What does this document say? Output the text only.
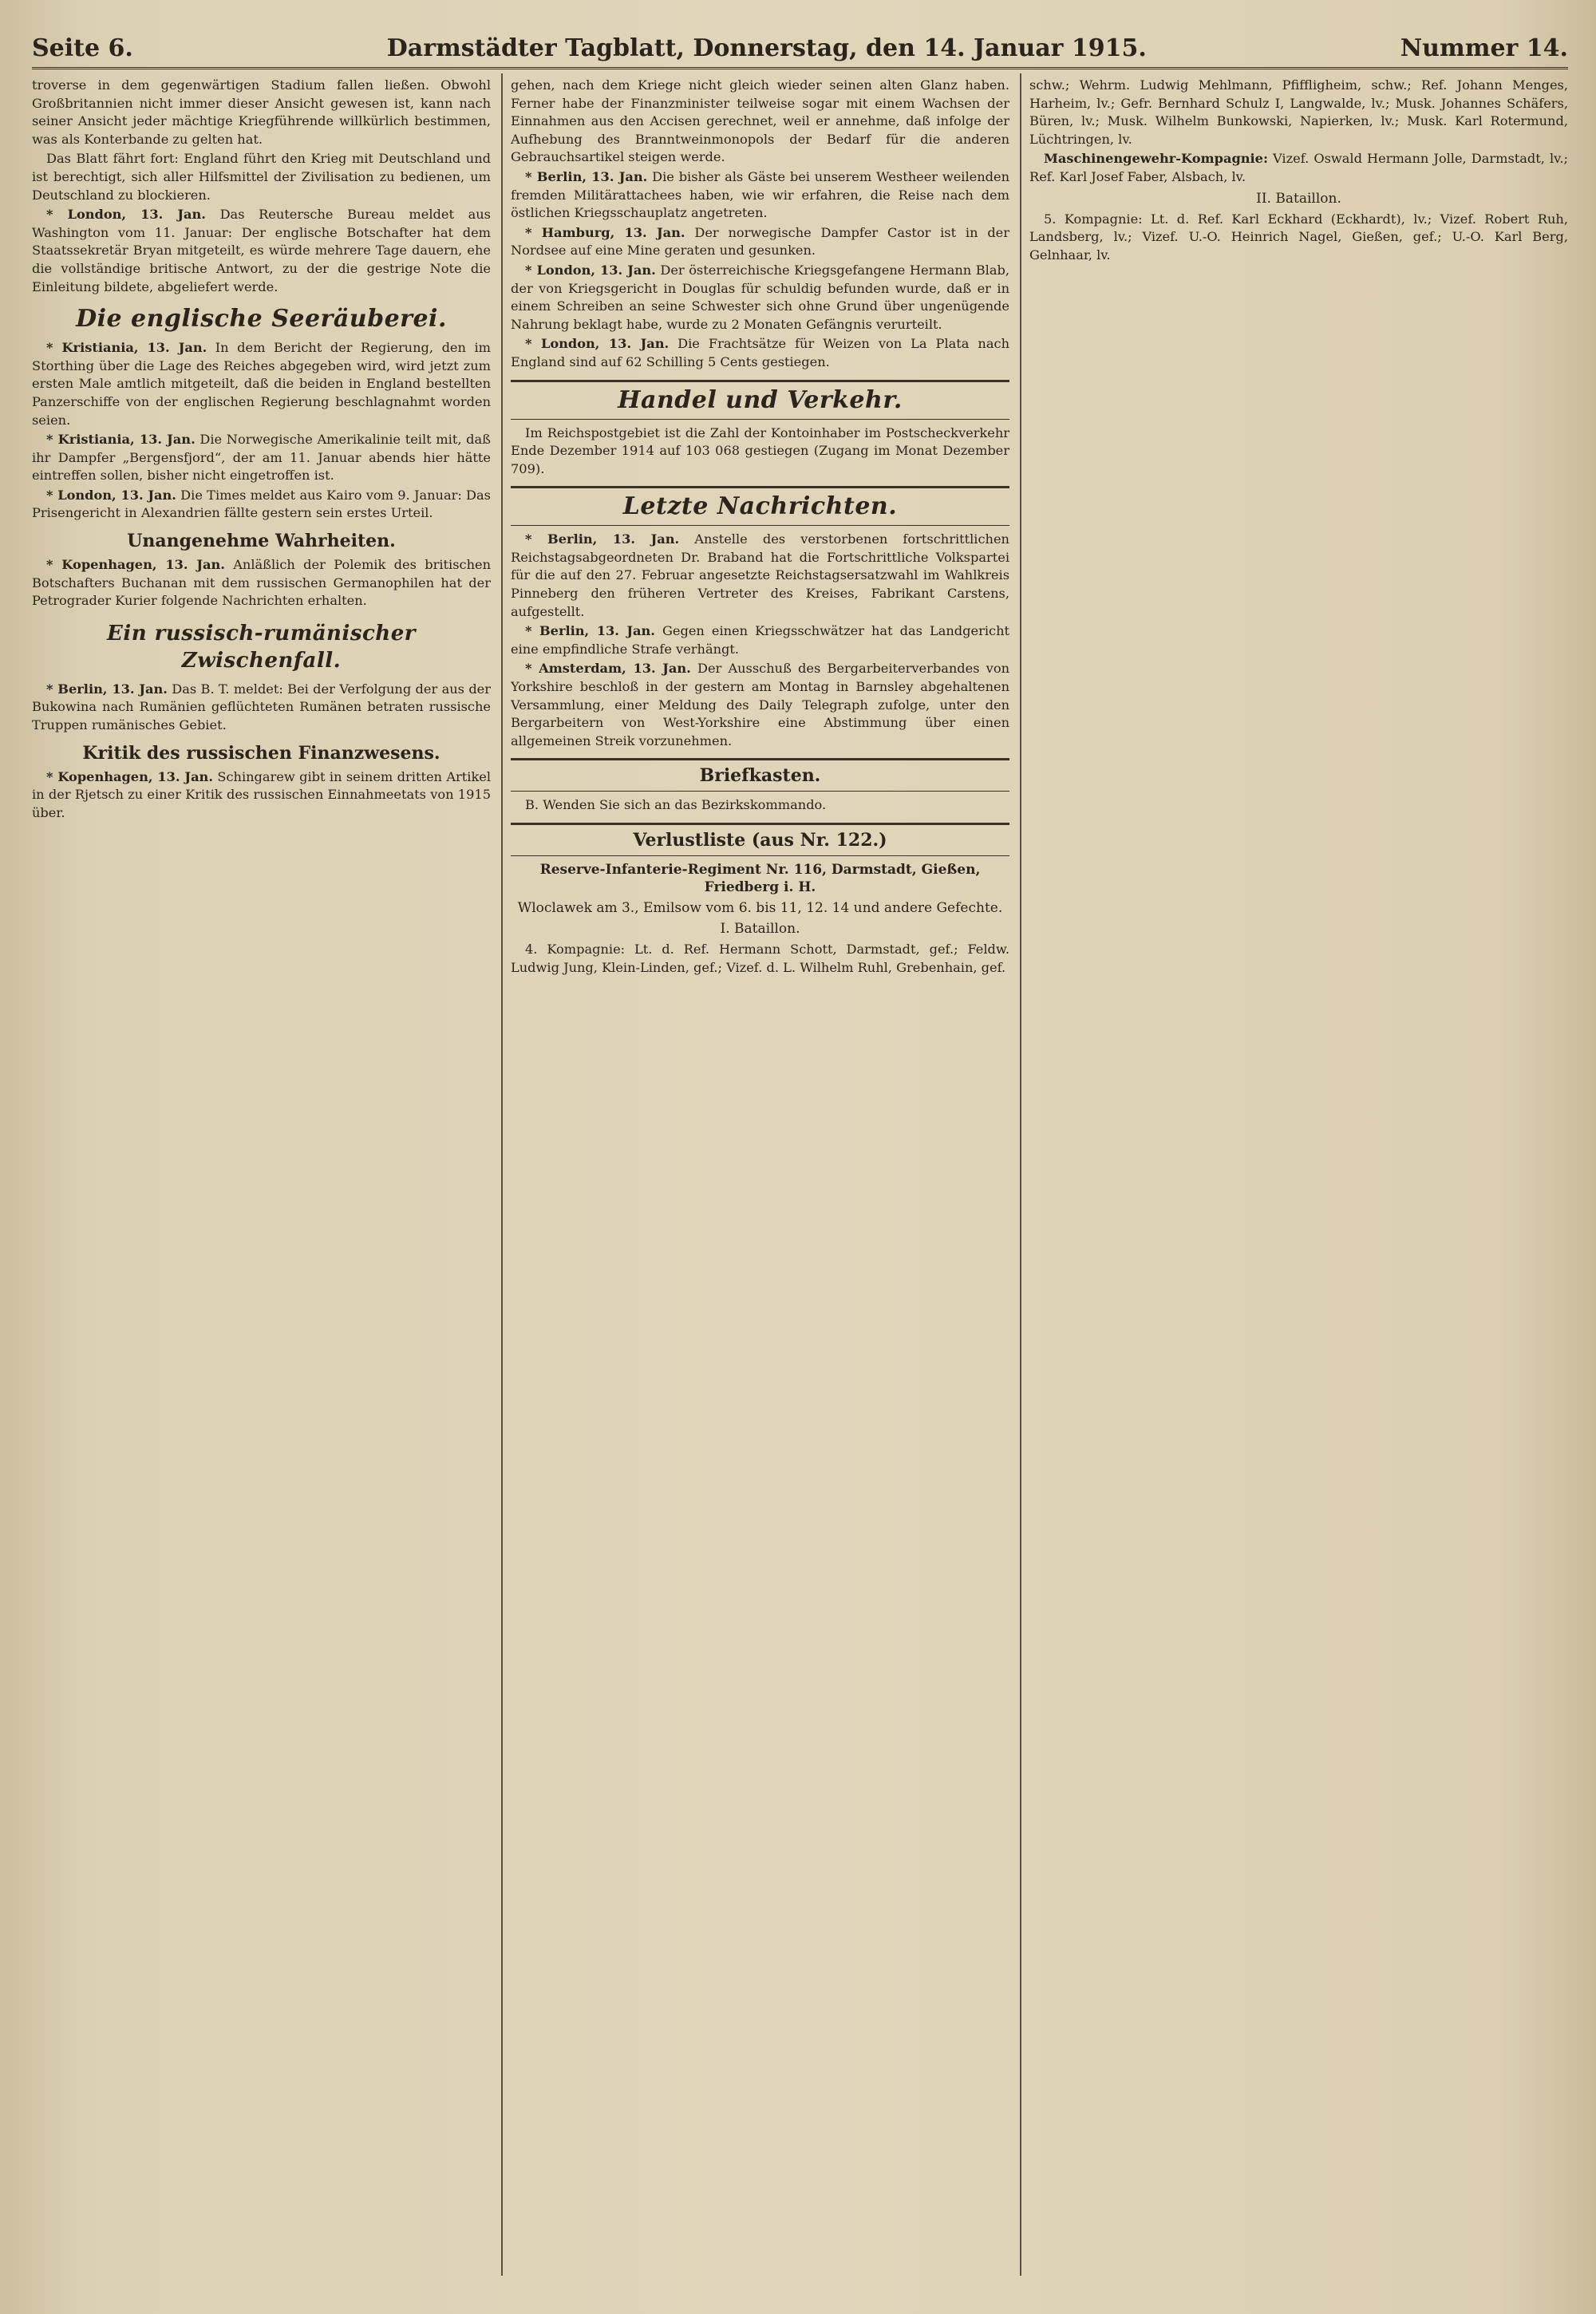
Seite 6.	Darmstädter Tagblatt, Donnerstag, den 14. Januar 1915.	Nummer 14.

troverse in dem gegenwärtigen Stadium fallen ließen. Obwohl Großbritannien nicht immer dieser Ansicht gewesen ist, kann nach seiner Ansicht jeder mächtige Kriegführende willkürlich bestimmen, was als Konterbande zu gelten hat.

Das Blatt fährt fort: England führt den Krieg mit Deutschland und ist berechtigt, sich aller Hilfsmittel der Zivilisation zu bedienen, um Deutschland zu blockieren.

* London, 13. Jan. Das Reutersche Bureau meldet aus Washington vom 11. Januar: Der englische Botschafter hat dem Staatssekretär Bryan mitgeteilt, es würde mehrere Tage dauern, ehe die vollständige britische Antwort, zu der die gestrige Note die Einleitung bildete, abgeliefert werde.

Die englische Seeräuberei.

* Kristiania, 13. Jan. In dem Bericht der Regierung, den im Storthing über die Lage des Reiches abgegeben wird, wird jetzt zum ersten Male amtlich mitgeteilt, daß die beiden in England bestellten Panzerschiffe von der englischen Regierung beschlagnahmt worden seien.

* Kristiania, 13. Jan. Die Norwegische Amerikalinie teilt mit, daß ihr Dampfer „Bergensfjord“, der am 11. Januar abends hier hätte eintreffen sollen, bisher nicht eingetroffen ist.

* London, 13. Jan. Die Times meldet aus Kairo vom 9. Januar: Das Prisengericht in Alexandrien fällte gestern sein erstes Urteil.

Unangenehme Wahrheiten.

* Kopenhagen, 13. Jan. Anläßlich der Polemik des britischen Botschafters Buchanan mit dem russischen Germanophilen hat der Petrograder Kurier folgende Nachrichten erhalten.

Ein russisch-rumänischer Zwischenfall.

* Berlin, 13. Jan. Das B. T. meldet: Bei der Verfolgung der aus der Bukowina nach Rumänien geflüchteten Rumänen betraten russische Truppen rumänisches Gebiet.

Kritik des russischen Finanzwesens.

* Kopenhagen, 13. Jan. Schingarew gibt in seinem dritten Artikel in der Rjetsch zu einer Kritik des russischen Einnahmeetats von 1915 über.

gehen, nach dem Kriege nicht gleich wieder seinen alten Glanz haben. Ferner habe der Finanzminister teilweise sogar mit einem Wachsen der Einnahmen aus den Accisen gerechnet, weil er annehme, daß infolge der Aufhebung des Branntweinmonopols der Bedarf für die anderen Gebrauchsartikel steigen werde.

* Berlin, 13. Jan. Die bisher als Gäste bei unserem Westheer weilenden fremden Militärattachees haben, wie wir erfahren, die Reise nach dem östlichen Kriegsschauplatz angetreten.

* Hamburg, 13. Jan. Der norwegische Dampfer Castor ist in der Nordsee auf eine Mine geraten und gesunken.

* London, 13. Jan. Der österreichische Kriegsgefangene Hermann Blab, der von Kriegsgericht in Douglas für schuldig befunden wurde, daß er in einem Schreiben an seine Schwester sich ohne Grund über ungenügende Nahrung beklagt habe, wurde zu 2 Monaten Gefängnis verurteilt.

* London, 13. Jan. Die Frachtsätze für Weizen von La Plata nach England sind auf 62 Schilling 5 Cents gestiegen.

Handel und Verkehr.

Im Reichspostgebiet ist die Zahl der Kontoinhaber im Postscheckverkehr Ende Dezember 1914 auf 103 068 gestiegen (Zugang im Monat Dezember 709).

Letzte Nachrichten.

* Berlin, 13. Jan. Anstelle des verstorbenen fortschrittlichen Reichstagsabgeordneten Dr. Braband hat die Fortschrittliche Volkspartei für die auf den 27. Februar angesetzte Reichstagsersatzwahl im Wahlkreis Pinneberg den früheren Vertreter des Kreises, Fabrikant Carstens, aufgestellt.

* Berlin, 13. Jan. Gegen einen Kriegsschwätzer hat das Landgericht eine empfindliche Strafe verhängt.

* Amsterdam, 13. Jan. Der Ausschuß des Bergarbeiterverbandes von Yorkshire beschloß in der gestern am Montag in Barnsley abgehaltenen Versammlung, einer Meldung des Daily Telegraph zufolge, unter den Bergarbeitern von West-Yorkshire eine Abstimmung über einen allgemeinen Streik vorzunehmen.

Briefkasten.

B. Wenden Sie sich an das Bezirkskommando.

Verlustliste (aus Nr. 122.)
Reserve-Infanterie-Regiment Nr. 116, Darmstadt, Gießen, Friedberg i. H.
Wloclawek am 3., Emilsow vom 6. bis 11, 12. 14 und andere Gefechte.
I. Bataillon.

4. Kompagnie: Lt. d. Ref. Hermann Schott, Darmstadt, gef.; Feldw. Ludwig Jung, Klein-Linden, gef.; Vizef. d. L. Wilhelm Ruhl, Grebenhain, gef.

schw.; Wehrm. Ludwig Mehlmann, Pfiffligheim, schw.; Ref. Johann Menges, Harheim, lv.; Gefr. Bernhard Schulz I, Langwalde, lv.; Musk. Johannes Schäfers, Büren, lv.; Musk. Wilhelm Bunkowski, Napierken, lv.; Musk. Karl Rotermund, Lüchtringen, lv.

Maschinengewehr-Kompagnie: Vizef. Oswald Hermann Jolle, Darmstadt, lv.; Ref. Karl Josef Faber, Alsbach, lv.

II. Bataillon.

5. Kompagnie: Lt. d. Ref. Karl Eckhard (Eckhardt), lv.; Vizef. Robert Ruh, Landsberg, lv.; Vizef. U.-O. Heinrich Nagel, Gießen, gef.; U.-O. Karl Berg, Gelnhaar, lv.
